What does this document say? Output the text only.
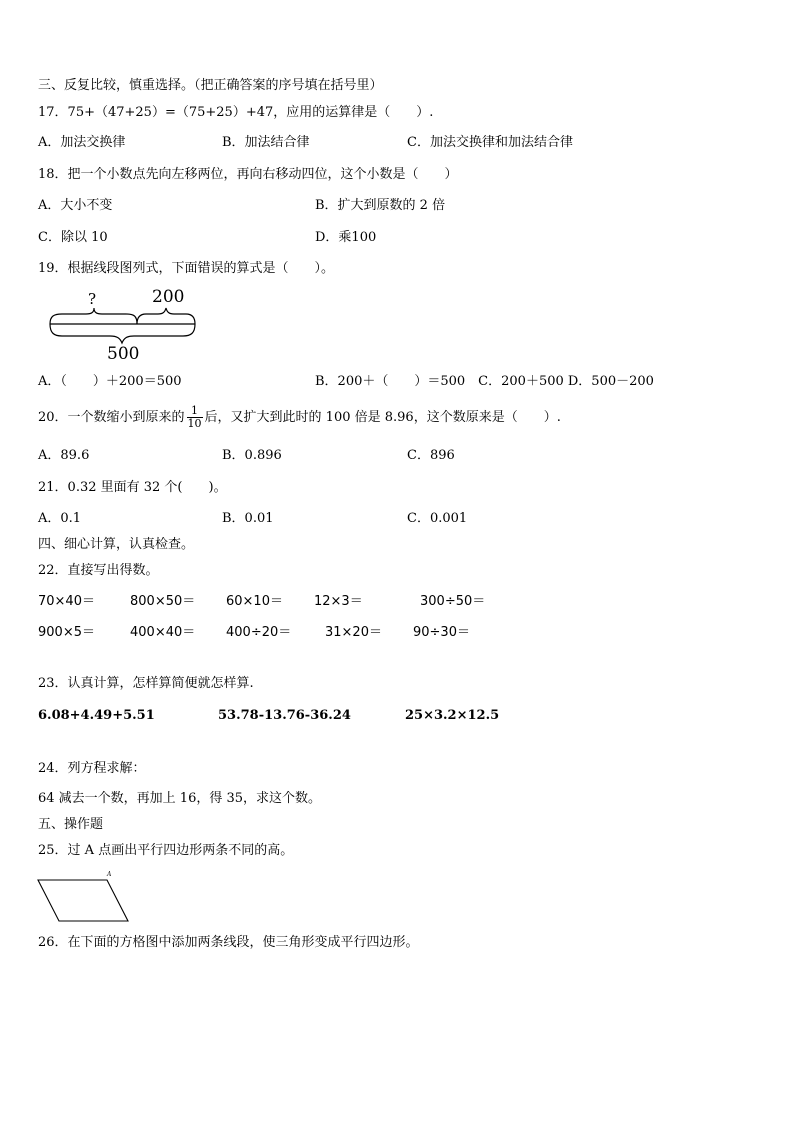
三、反复比较，慎重选择。（把正确答案的序号填在括号里）
17．75+（47+25）=（75+25）+47，应用的运算律是（　　）.
A．加法交换律	B．加法结合律	C．加法交换律和加法结合律
18．把一个小数点先向左移两位，再向右移动四位，这个小数是（　　）
A．大小不变	B．扩大到原数的 2 倍
C．除以 10	D．乘100
19．根据线段图列式，下面错误的算式是（　　）。
?	200
500
A．（　　）＋200＝500	B．200＋（　　）＝500　C．200＋500 D．500－200
20．一个数缩小到原来的 $\frac{1}{10}$ 后，又扩大到此时的 100 倍是 8.96，这个数原来是（　　）.
A．89.6	B．0.896	C．896
21．0.32 里面有 32 个(　　)。
A．0.1	B．0.01	C．0.001
四、细心计算，认真检查。
22．直接写出得数。
70×40＝	800×50＝ 60×10＝ 12×3＝	300÷50＝
900×5＝	400×40＝ 400÷20＝	31×20＝ 90÷30＝
23．认真计算，怎样算简便就怎样算.
6.08+4.49+5.51	53.78-13.76-36.24	25×3.2×12.5
24．列方程求解：
64 减去一个数，再加上 16，得 35，求这个数。
五、操作题
25．过 A 点画出平行四边形两条不同的高。
A
26．在下面的方格图中添加两条线段，使三角形变成平行四边形。
